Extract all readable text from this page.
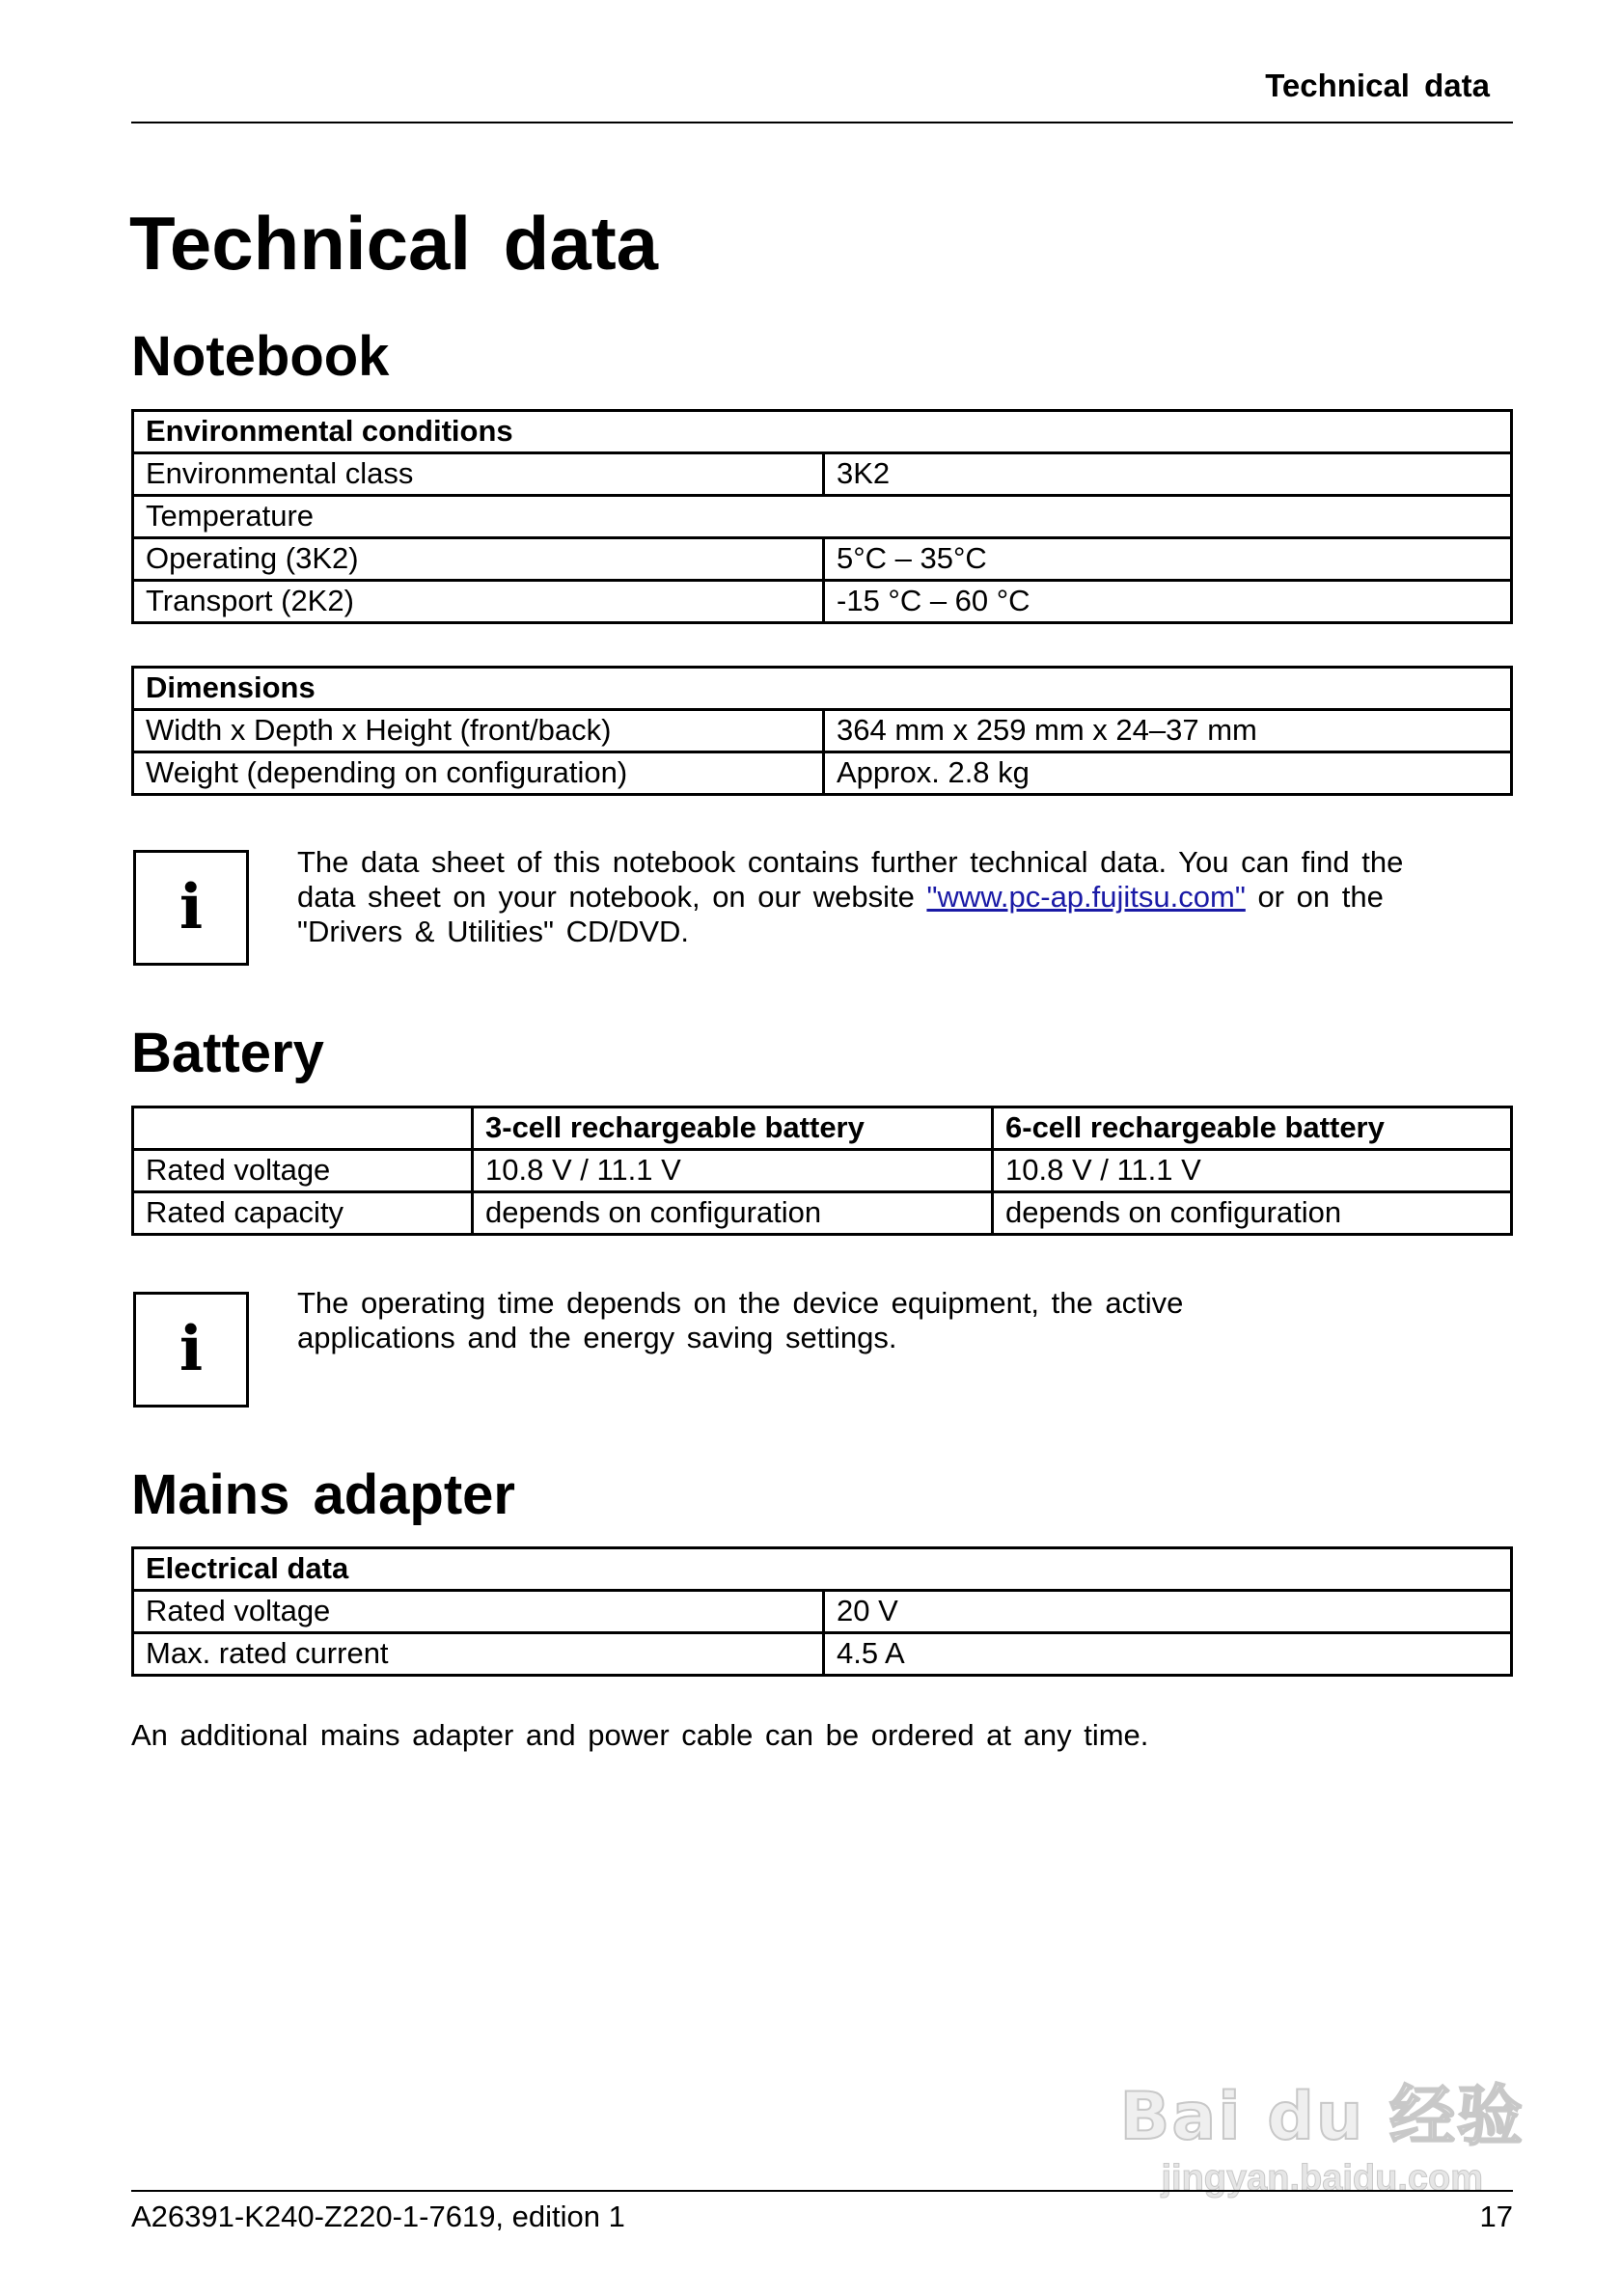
Technical data
Technical data
Notebook
Environmental conditions	
Environmental class	3K2
Temperature	
Operating (3K2)	5°C – 35°C
Transport (2K2)	-15 °C – 60 °C
Dimensions	
Width x Depth x Height (front/back)	364 mm x 259 mm x 24–37 mm
Weight (depending on configuration)	Approx. 2.8 kg
i
The data sheet of this notebook contains further technical data. You can find the data sheet on your notebook, on our website "www.pc-ap.fujitsu.com" or on the "Drivers & Utilities" CD/DVD.
Battery
	3-cell rechargeable battery	6-cell rechargeable battery
Rated voltage	10.8 V / 11.1 V	10.8 V / 11.1 V
Rated capacity	depends on configuration	depends on configuration
i
The operating time depends on the device equipment, the active applications and the energy saving settings.
Mains adapter
Electrical data	
Rated voltage	20 V
Max. rated current	4.5 A
An additional mains adapter and power cable can be ordered at any time.
Bai du 经验
jingyan.baidu.com
A26391-K240-Z220-1-7619, edition 1	17
